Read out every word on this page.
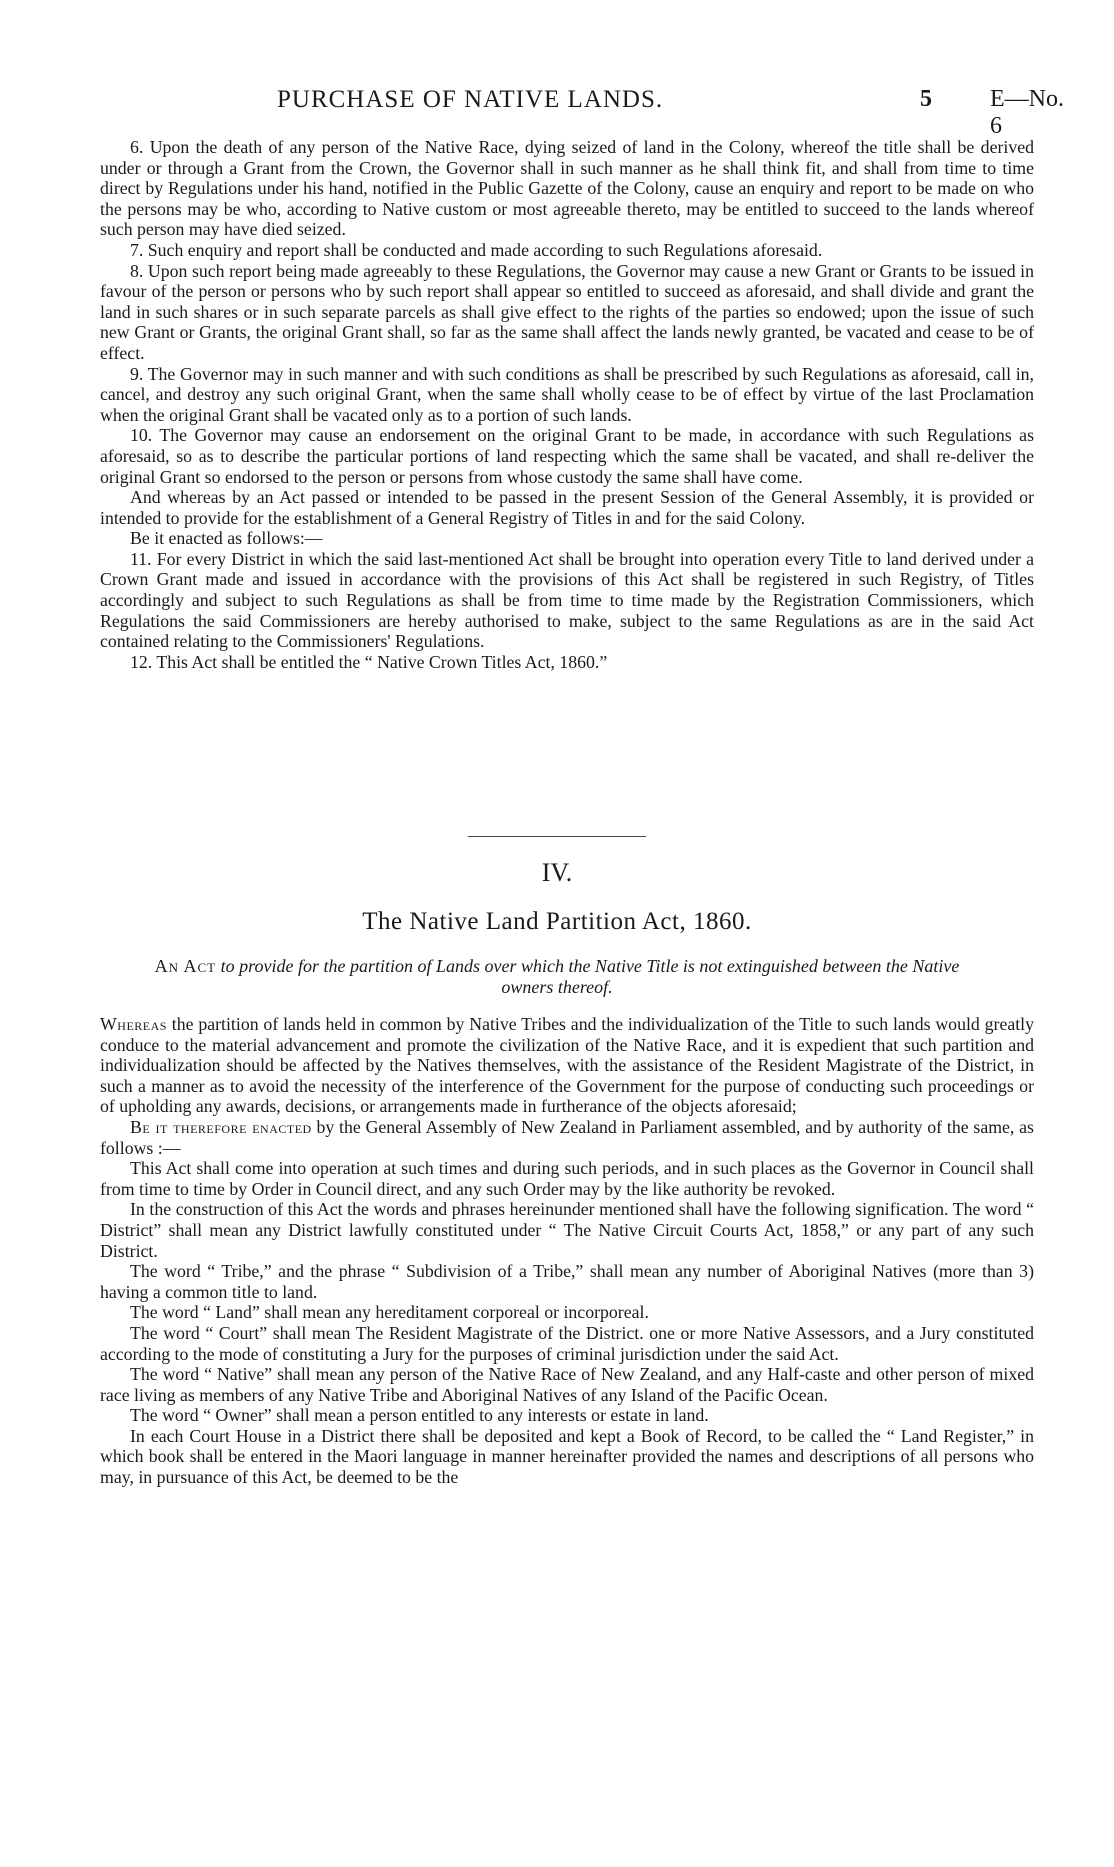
PURCHASE OF NATIVE LANDS.	5 E—No. 6

6. Upon the death of any person of the Native Race, dying seized of land in the Colony, whereof the title shall be derived under or through a Grant from the Crown, the Governor shall in such manner as he shall think fit, and shall from time to time direct by Regulations under his hand, notified in the Public Gazette of the Colony, cause an enquiry and report to be made on who the persons may be who, according to Native custom or most agreeable thereto, may be entitled to succeed to the lands whereof such person may have died seized.

7. Such enquiry and report shall be conducted and made according to such Regulations aforesaid.

8. Upon such report being made agreeably to these Regulations, the Governor may cause a new Grant or Grants to be issued in favour of the person or persons who by such report shall appear so entitled to succeed as aforesaid, and shall divide and grant the land in such shares or in such separate parcels as shall give effect to the rights of the parties so endowed; upon the issue of such new Grant or Grants, the original Grant shall, so far as the same shall affect the lands newly granted, be vacated and cease to be of effect.

9. The Governor may in such manner and with such conditions as shall be prescribed by such Regulations as aforesaid, call in, cancel, and destroy any such original Grant, when the same shall wholly cease to be of effect by virtue of the last Proclamation when the original Grant shall be vacated only as to a portion of such lands.

10. The Governor may cause an endorsement on the original Grant to be made, in accordance with such Regulations as aforesaid, so as to describe the particular portions of land respecting which the same shall be vacated, and shall re-deliver the original Grant so endorsed to the person or persons from whose custody the same shall have come.

And whereas by an Act passed or intended to be passed in the present Session of the General Assembly, it is provided or intended to provide for the establishment of a General Registry of Titles in and for the said Colony.

Be it enacted as follows:—

11. For every District in which the said last-mentioned Act shall be brought into operation every Title to land derived under a Crown Grant made and issued in accordance with the provisions of this Act shall be registered in such Registry, of Titles accordingly and subject to such Regulations as shall be from time to time made by the Registration Commissioners, which Regulations the said Commissioners are hereby authorised to make, subject to the same Regulations as are in the said Act contained relating to the Commissioners' Regulations.

12. This Act shall be entitled the “ Native Crown Titles Act, 1860.”

IV.
The Native Land Partition Act, 1860.
An Act to provide for the partition of Lands over which the Native Title is not extinguished between the Native owners thereof.

Whereas the partition of lands held in common by Native Tribes and the individualization of the Title to such lands would greatly conduce to the material advancement and promote the civilization of the Native Race, and it is expedient that such partition and individualization should be affected by the Natives themselves, with the assistance of the Resident Magistrate of the District, in such a manner as to avoid the necessity of the interference of the Government for the purpose of conducting such proceedings or of upholding any awards, decisions, or arrangements made in furtherance of the objects aforesaid;

Be it therefore enacted by the General Assembly of New Zealand in Parliament assembled, and by authority of the same, as follows :—

This Act shall come into operation at such times and during such periods, and in such places as the Governor in Council shall from time to time by Order in Council direct, and any such Order may by the like authority be revoked.

In the construction of this Act the words and phrases hereinunder mentioned shall have the following signification. The word “ District” shall mean any District lawfully constituted under “ The Native Circuit Courts Act, 1858,” or any part of any such District.

The word “ Tribe,” and the phrase “ Subdivision of a Tribe,” shall mean any number of Aboriginal Natives (more than 3) having a common title to land.

The word “ Land” shall mean any hereditament corporeal or incorporeal.

The word “ Court” shall mean The Resident Magistrate of the District. one or more Native Assessors, and a Jury constituted according to the mode of constituting a Jury for the purposes of criminal jurisdiction under the said Act.

The word “ Native” shall mean any person of the Native Race of New Zealand, and any Half-caste and other person of mixed race living as members of any Native Tribe and Aboriginal Natives of any Island of the Pacific Ocean.

The word “ Owner” shall mean a person entitled to any interests or estate in land.

In each Court House in a District there shall be deposited and kept a Book of Record, to be called the “ Land Register,” in which book shall be entered in the Maori language in manner hereinafter provided the names and descriptions of all persons who may, in pursuance of this Act, be deemed to be the
